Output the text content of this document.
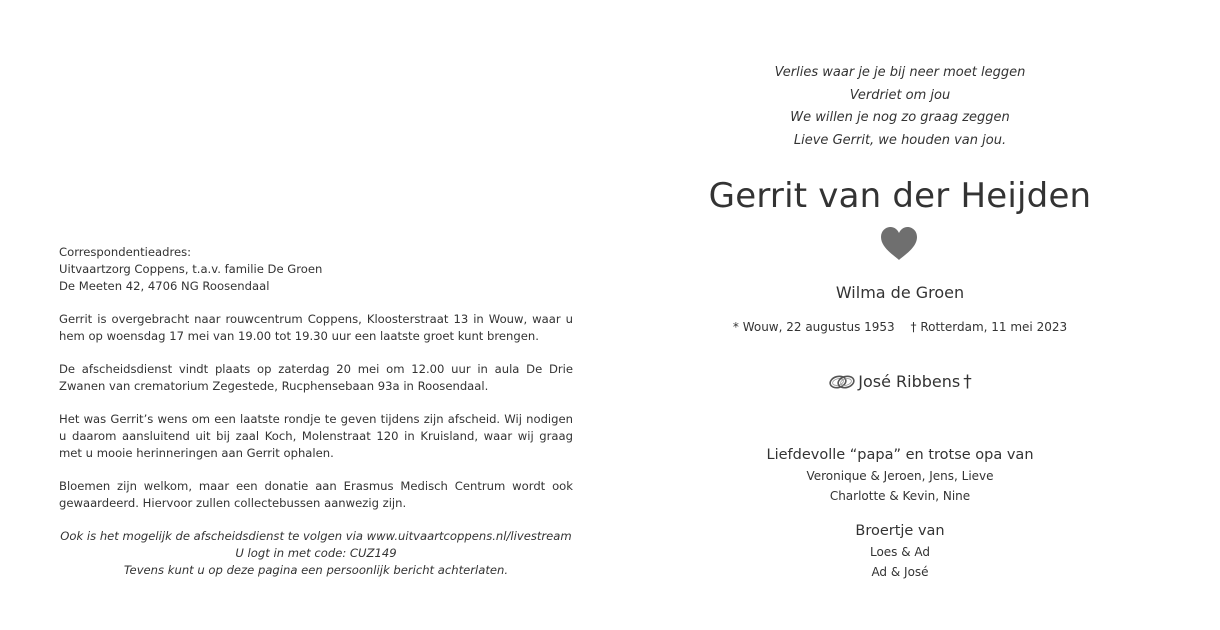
Correspondentieadres:
Uitvaartzorg Coppens, t.a.v. familie De Groen
De Meeten 42, 4706 NG Roosendaal

Gerrit is overgebracht naar rouwcentrum Coppens, Kloosterstraat 13 in Wouw, waar u hem op woensdag 17 mei van 19.00 tot 19.30 uur een laatste groet kunt brengen.

De afscheidsdienst vindt plaats op zaterdag 20 mei om 12.00 uur in aula De Drie Zwanen van crematorium Zegestede, Rucphensebaan 93a in Roosendaal.

Het was Gerrit’s wens om een laatste rondje te geven tijdens zijn afscheid. Wij nodigen u daarom aansluitend uit bij zaal Koch, Molenstraat 120 in Kruisland, waar wij graag met u mooie herinneringen aan Gerrit ophalen.

Bloemen zijn welkom, maar een donatie aan Erasmus Medisch Centrum wordt ook gewaardeerd. Hiervoor zullen collectebussen aanwezig zijn.

Ook is het mogelijk de afscheidsdienst te volgen via www.uitvaartcoppens.nl/livestream
U logt in met code: CUZ149
Tevens kunt u op deze pagina een persoonlijk bericht achterlaten.
Verlies waar je je bij neer moet leggen
Verdriet om jou
We willen je nog zo graag zeggen
Lieve Gerrit, we houden van jou.
Gerrit van der Heijden
Wilma de Groen
* Wouw, 22 augustus 1953 † Rotterdam, 11 mei 2023
José Ribbens †
Liefdevolle “papa” en trotse opa van
Veronique & Jeroen, Jens, Lieve
Charlotte & Kevin, Nine
Broertje van
Loes & Ad
Ad & José
